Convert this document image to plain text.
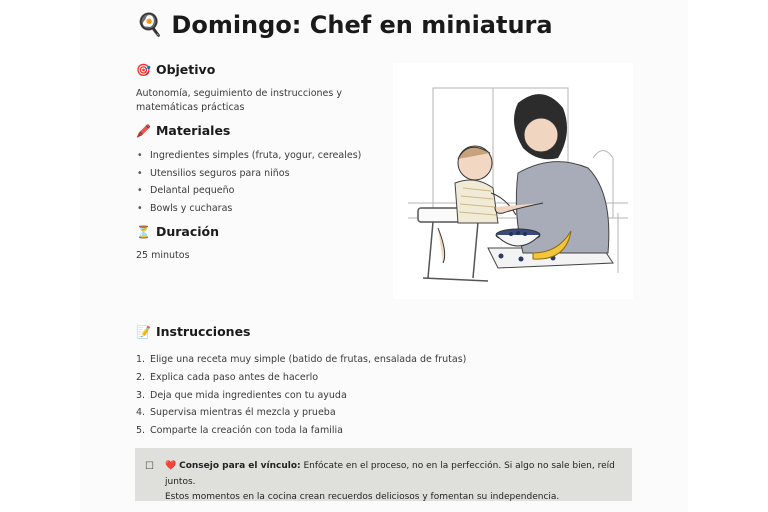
🍳 Domingo: Chef en miniatura
🎯 Objetivo

Autonomía, seguimiento de instrucciones y
matemáticas prácticas

🖍️ Materiales
• Ingredientes simples (fruta, yogur, cereales)
• Utensilios seguros para niños
• Delantal pequeño
• Bowls y cucharas
⏳ Duración

25 minutos

📝 Instrucciones
1. Elige una receta muy simple (batido de frutas, ensalada de frutas)
2. Explica cada paso antes de hacerlo
3. Deja que mida ingredientes con tu ayuda
4. Supervisa mientras él mezcla y prueba
5. Comparte la creación con toda la familia
☐ ❤️ Consejo para el vínculo: Enfócate en el proceso, no en la perfección. Si algo no sale bien, reíd juntos.
Estos momentos en la cocina crean recuerdos deliciosos y fomentan su independencia.
